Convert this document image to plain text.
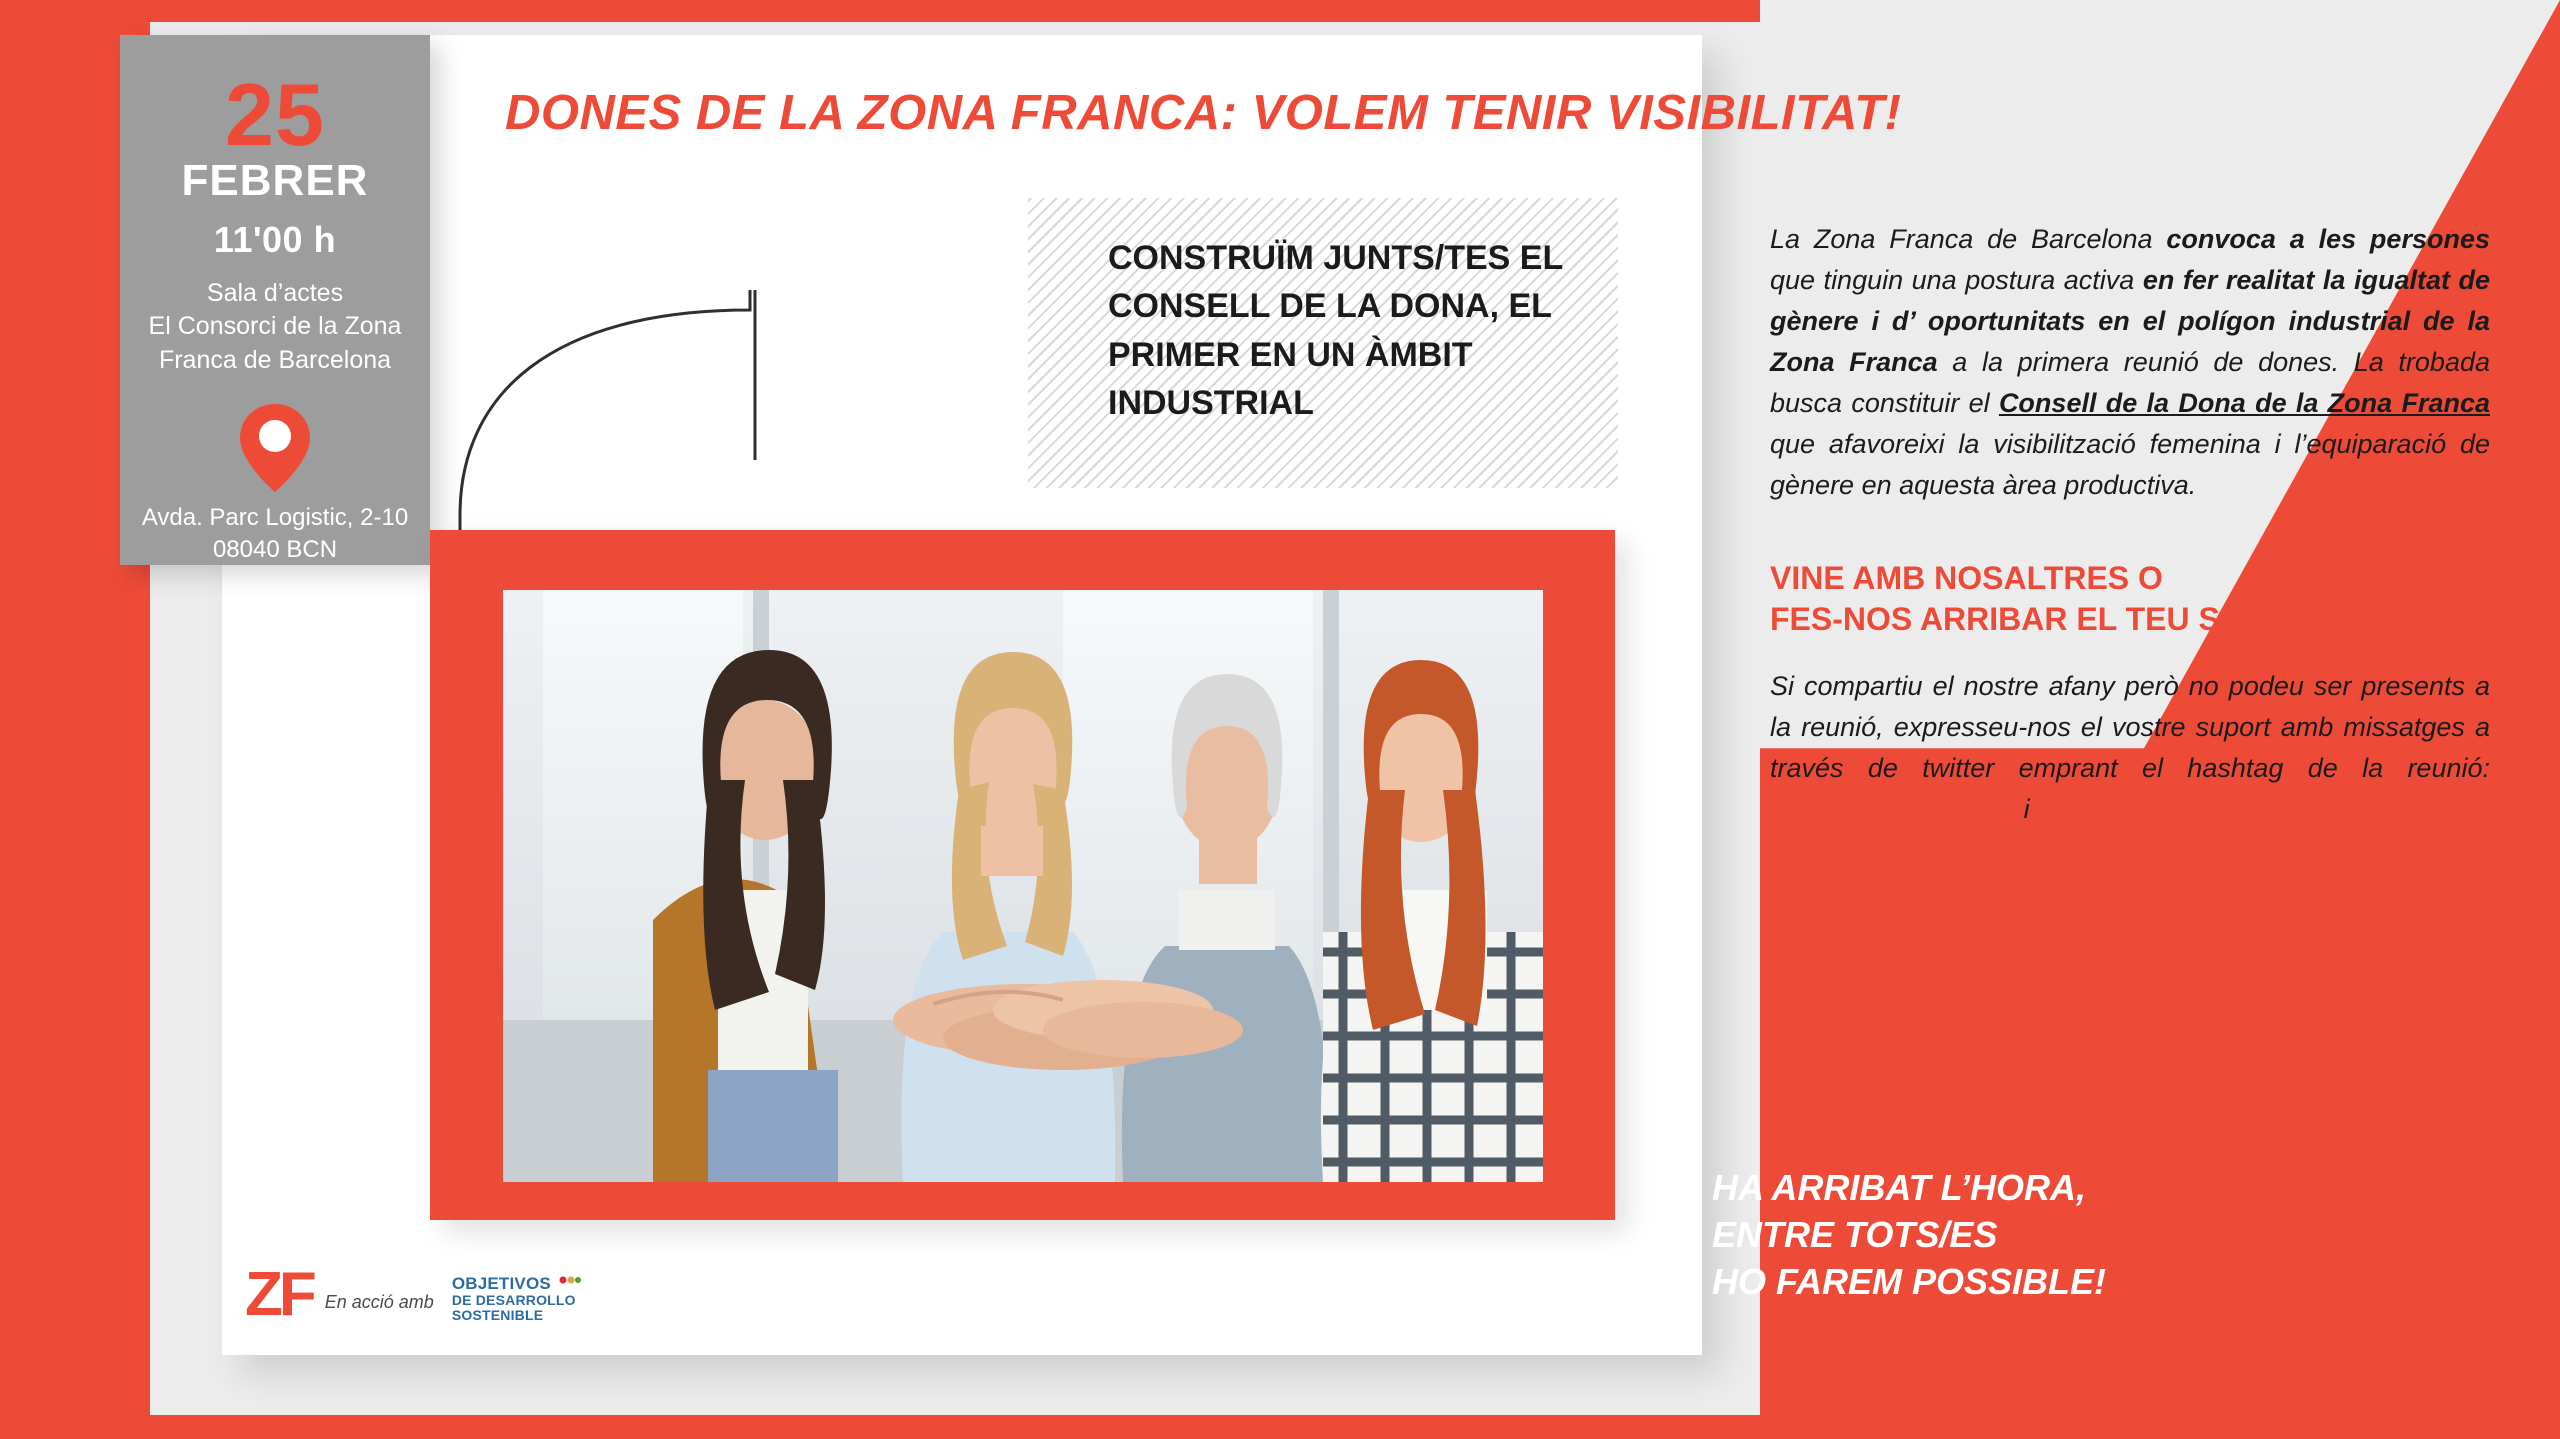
25
FEBRER
11'00 h
Sala d’actes
El Consorci de la Zona
Franca de Barcelona
Avda. Parc Logistic, 2-10
08040 BCN
DONES DE LA ZONA FRANCA: VOLEM TENIR VISIBILITAT!
CONSTRUÏM JUNTS/TES EL CONSELL DE LA DONA, EL PRIMER EN UN ÀMBIT INDUSTRIAL
ZF En acció amb
OBJETIVOS
DE DESARROLLO
SOSTENIBLE

La Zona Franca de Barcelona convoca a les persones que tinguin una postura activa en fer realitat la igualtat de gènere i d’ oportunitats en el polígon industrial de la Zona Franca a la primera reunió de dones. La trobada busca constituir el Consell de la Dona de la Zona Franca que afavoreixi la visibilització femenina i l’equiparació de gènere en aquesta àrea productiva.

VINE AMB NOSALTRES O
FES-NOS ARRIBAR EL TEU SUPORT!!

Si compartiu el nostre afany però no podeu ser presents a la reunió, expresseu-nos el vostre suport amb missatges a través de twitter emprant el hashtag de la reunió: #jotambesocfranca i #ODS5ZonaFranca

HA ARRIBAT L’HORA,
ENTRE TOTS/ES
HO FAREM POSSIBLE!
